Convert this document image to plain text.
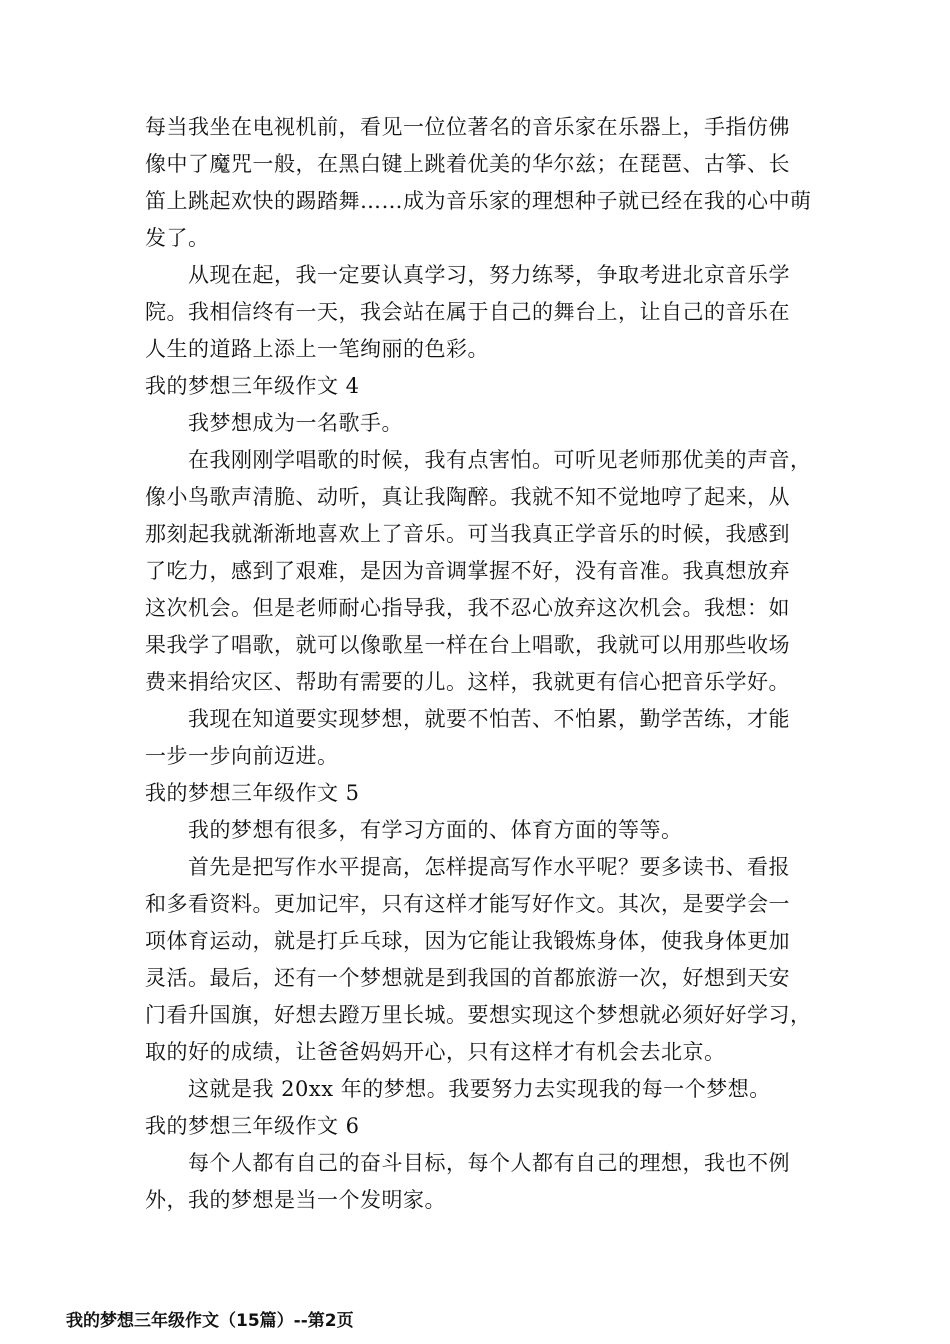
每当我坐在电视机前，看见一位位著名的音乐家在乐器上，手指仿佛
像中了魔咒一般，在黑白键上跳着优美的华尔兹；在琵琶、古筝、长
笛上跳起欢快的踢踏舞……成为音乐家的理想种子就已经在我的心中萌
发了。
从现在起，我一定要认真学习，努力练琴，争取考进北京音乐学
院。我相信终有一天，我会站在属于自己的舞台上，让自己的音乐在
人生的道路上添上一笔绚丽的色彩。
我的梦想三年级作文 4
我梦想成为一名歌手。
在我刚刚学唱歌的时候，我有点害怕。可听见老师那优美的声音，
像小鸟歌声清脆、动听，真让我陶醉。我就不知不觉地哼了起来，从
那刻起我就渐渐地喜欢上了音乐。可当我真正学音乐的时候，我感到
了吃力，感到了艰难，是因为音调掌握不好，没有音准。我真想放弃
这次机会。但是老师耐心指导我，我不忍心放弃这次机会。我想：如
果我学了唱歌，就可以像歌星一样在台上唱歌，我就可以用那些收场
费来捐给灾区、帮助有需要的儿。这样，我就更有信心把音乐学好。
我现在知道要实现梦想，就要不怕苦、不怕累，勤学苦练，才能
一步一步向前迈进。
我的梦想三年级作文 5
我的梦想有很多，有学习方面的、体育方面的等等。
首先是把写作水平提高，怎样提高写作水平呢？要多读书、看报
和多看资料。更加记牢，只有这样才能写好作文。其次，是要学会一
项体育运动，就是打乒乓球，因为它能让我锻炼身体，使我身体更加
灵活。最后，还有一个梦想就是到我国的首都旅游一次，好想到天安
门看升国旗，好想去蹬万里长城。要想实现这个梦想就必须好好学习，
取的好的成绩，让爸爸妈妈开心，只有这样才有机会去北京。
这就是我 20xx 年的梦想。我要努力去实现我的每一个梦想。
我的梦想三年级作文 6
每个人都有自己的奋斗目标，每个人都有自己的理想，我也不例
外，我的梦想是当一个发明家。
我的梦想三年级作文（15篇）--第2页
